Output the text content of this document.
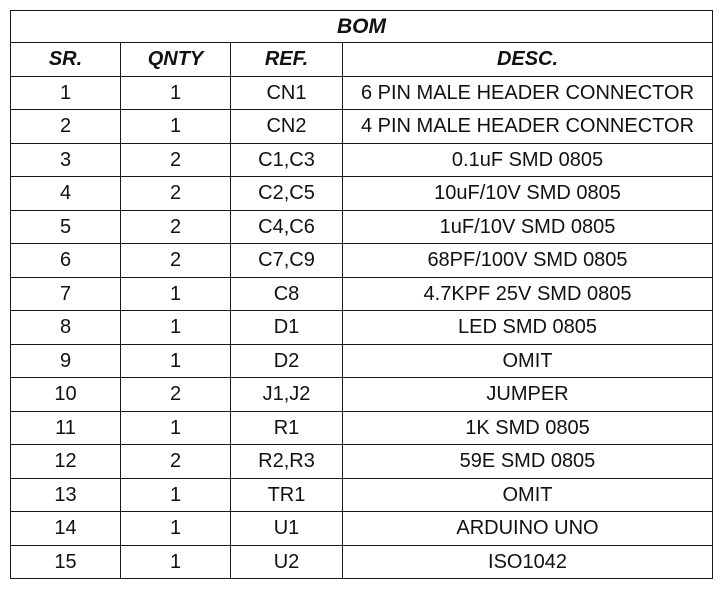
BOM			
SR.	QNTY	REF.	DESC.
1	1	CN1	6 PIN MALE HEADER CONNECTOR
2	1	CN2	4 PIN MALE HEADER CONNECTOR
3	2	C1,C3	0.1uF SMD 0805
4	2	C2,C5	10uF/10V SMD 0805
5	2	C4,C6	1uF/10V SMD 0805
6	2	C7,C9	68PF/100V SMD 0805
7	1	C8	4.7KPF 25V SMD 0805
8	1	D1	LED SMD 0805
9	1	D2	OMIT
10	2	J1,J2	JUMPER
11	1	R1	1K SMD 0805
12	2	R2,R3	59E SMD 0805
13	1	TR1	OMIT
14	1	U1	ARDUINO UNO
15	1	U2	ISO1042
